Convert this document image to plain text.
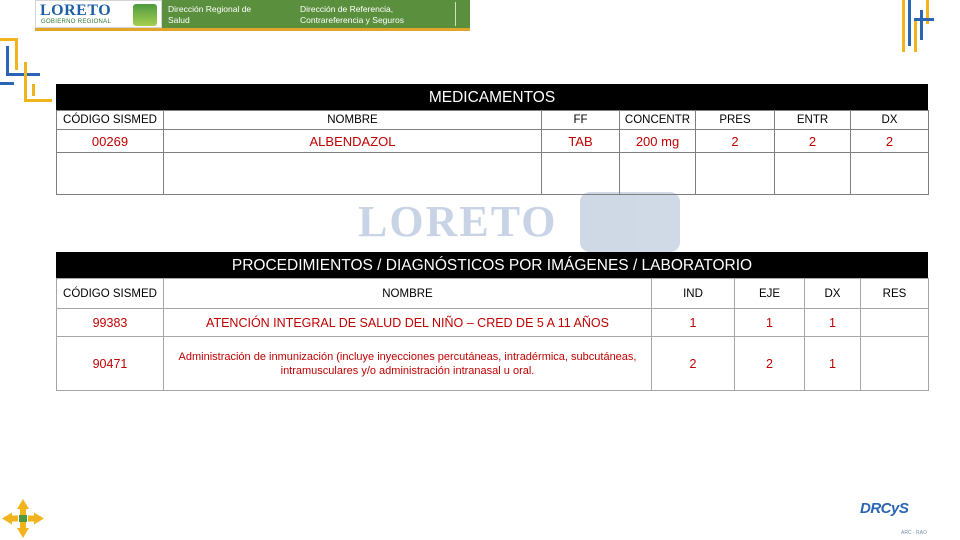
LORETO
GOBIERNO REGIONAL
Dirección Regional de Salud
Dirección de Referencia, Contrareferencia y Seguros
LORETO
MEDICAMENTOS
CÓDIGO SISMED	NOMBRE	FF	CONCENTR	PRES	ENTR	DX
00269	ALBENDAZOL	TAB	200 mg	2	2	2

PROCEDIMIENTOS / DIAGNÓSTICOS POR IMÁGENES / LABORATORIO
CÓDIGO SISMED	NOMBRE	IND	EJE	DX	RES
99383	ATENCIÓN INTEGRAL DE SALUD DEL NIÑO – CRED DE 5 A 11 AÑOS	1	1	1	
90471	Administración de inmunización (incluye inyecciones percutáneas, intradérmica, subcutáneas, intramusculares y/o administración intranasal u oral.	2	2	1	
DRCyS
ARC · RAO
